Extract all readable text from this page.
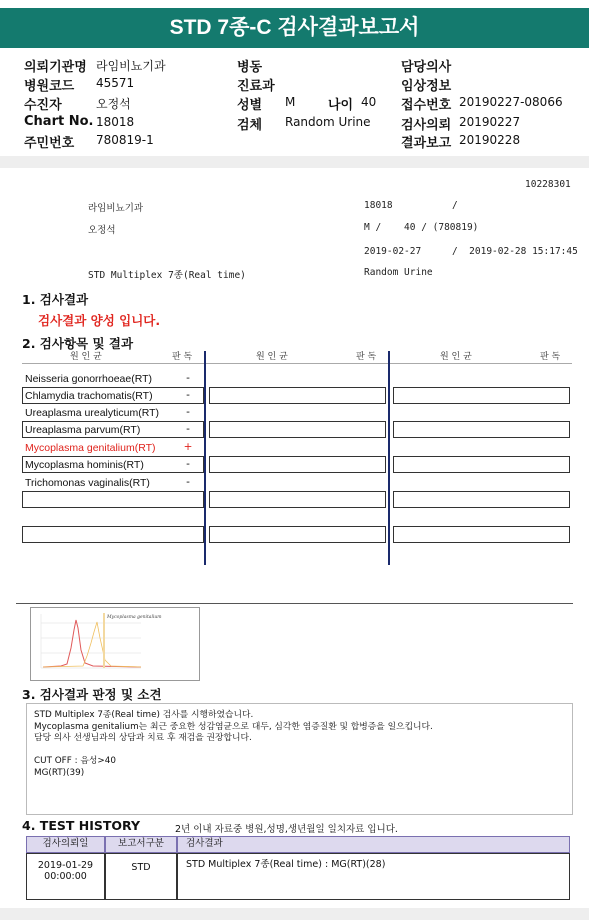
STD 7종-C 검사결과보고서
의뢰기관명 라임비뇨기과
병원코드 45571
수진자	오정석
Chart No. 18018
주민번호 780819-1
병동
진료과
성별 M	나이 40
검체 Random Urine
담당의사
임상정보
접수번호 20190227-08066
검사의뢰 20190227
결과보고 20190228
10228301
라임비뇨기과	18018	/
오정석	M /    40 / (780819)
2019-02-27	/  2019-02-28 15:17:45
STD Multiplex 7종(Real time)	Random Urine
1. 검사결과
검사결과 양성 입니다.
2. 검사항목 및 결과
원 인 균	판 독	원 인 균	판 독	원 인 균	판 독
Neisseria gonorrhoeae(RT)	-
Chlamydia trachomatis(RT)	-
Ureaplasma urealyticum(RT)	-
Ureaplasma parvum(RT)	-
Mycoplasma genitalium(RT)	+
Mycoplasma hominis(RT)	-
Trichomonas vaginalis(RT)	-
Mycoplasma genitalium
3. 검사결과 판정 및 소견
STD Multiplex 7종(Real time) 검사를 시행하였습니다.
Mycoplasma genitalium는 최근 중요한 성감염균으로 대두, 심각한 염증질환 및 합병증을 일으킵니다.
담당 의사 선생님과의 상담과 치료 후 재검을 권장합니다.
CUT OFF : 음성>40
MG(RT)(39)
4. TEST HISTORY	2년 이내 자료중 병원,성명,생년월일 일치자료 입니다.
검사의뢰일	보고서구분	검사결과
2019-01-29
00:00:00
STD	STD Multiplex 7종(Real time) : MG(RT)(28)
